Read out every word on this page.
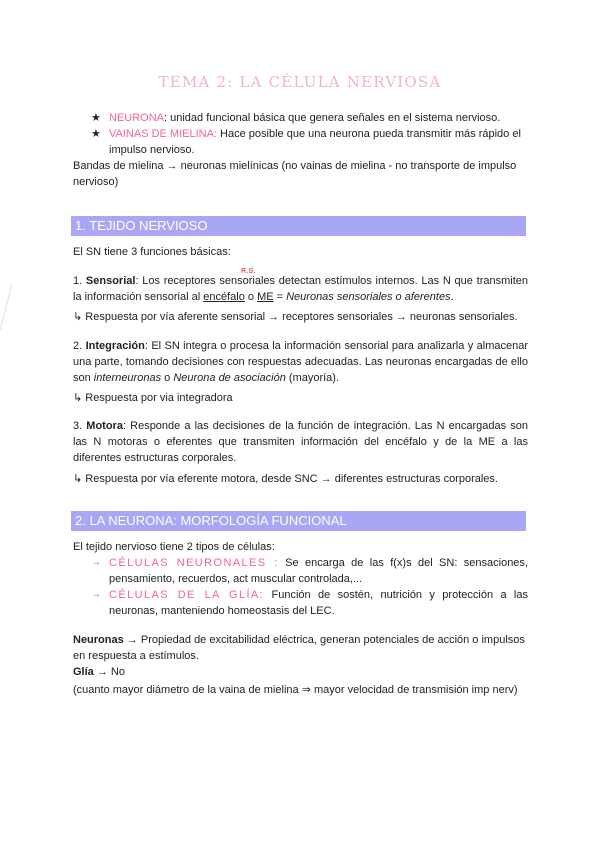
TEMA 2: LA CÉLULA NERVIOSA
★ NEURONA: unidad funcional básica que genera señales en el sistema nervioso.
★ VAINAS DE MIELINA: Hace posible que una neurona pueda transmitir más rápido el impulso nervioso.
Bandas de mielina → neuronas mielínicas (no vainas de mielina - no transporte de impulso nervioso)
1. TEJIDO NERVIOSO
El SN tiene 3 funciones básicas:
R.S.
1. Sensorial: Los receptores sensoriales detectan estímulos internos. Las N que transmiten la información sensorial al encéfalo o ME = Neuronas sensoriales o aferentes.
↳ Respuesta por vía aferente sensorial → receptores sensoriales → neuronas sensoriales.
2. Integración: El SN integra o procesa la información sensorial para analizarla y almacenar una parte, tomando decisiones con respuestas adecuadas. Las neuronas encargadas de ello son interneuronas o Neurona de asociación (mayoría).
↳ Respuesta por via integradora
3. Motora: Responde a las decisiones de la función de integración. Las N encargadas son las N motoras o eferentes que transmiten información del encéfalo y de la ME a las diferentes estructuras corporales.
↳ Respuesta por vía eferente motora, desde SNC → diferentes estructuras corporales.
2. LA NEURONA: MORFOLOGÍA FUNCIONAL
El tejido nervioso tiene 2 tipos de células:
→ CÉLULAS NEURONALES : Se encarga de las f(x)s del SN: sensaciones, pensamiento, recuerdos, act muscular controlada,...
→ CÉLULAS DE LA GLÍA: Función de sostén, nutrición y protección a las neuronas, manteniendo homeostasis del LEC.
Neuronas → Propiedad de excitabilidad eléctrica, generan potenciales de acción o impulsos en respuesta a estímulos.
Glía → No
(cuanto mayor diámetro de la vaina de mielina ⇒ mayor velocidad de transmisión imp nerv)
